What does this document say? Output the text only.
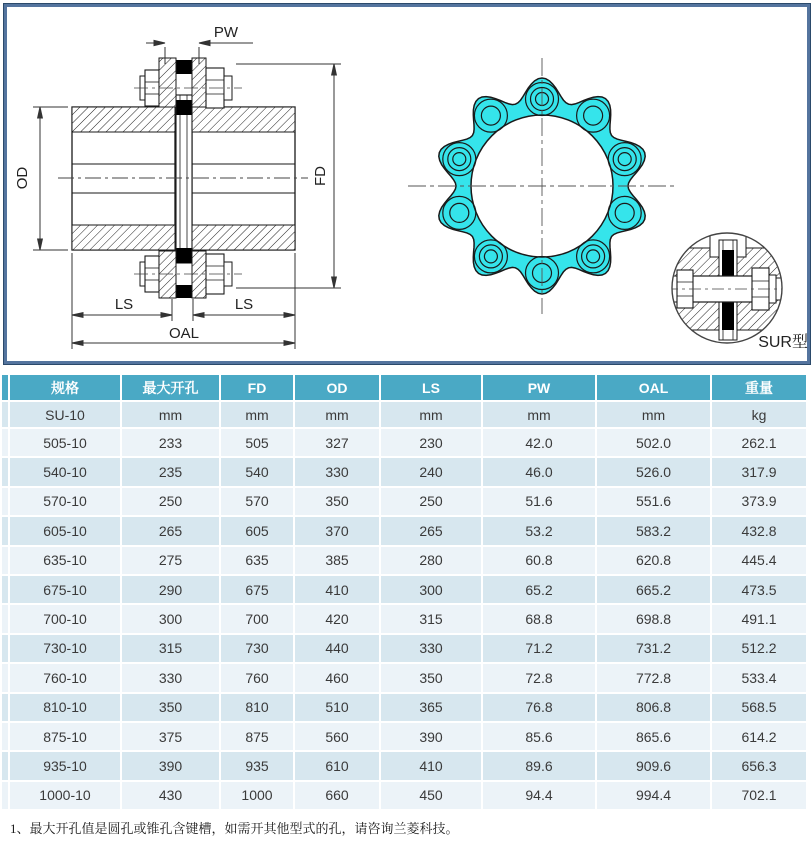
PW
OD	FD
LS	LS
OAL
SUR型
规格	最大开孔	FD	OD	LS	PW	OAL	重量
SU-10	mm	mm	mm	mm	mm	mm	kg
505-10	233	505	327	230	42.0	502.0	262.1
540-10	235	540	330	240	46.0	526.0	317.9
570-10	250	570	350	250	51.6	551.6	373.9
605-10	265	605	370	265	53.2	583.2	432.8
635-10	275	635	385	280	60.8	620.8	445.4
675-10	290	675	410	300	65.2	665.2	473.5
700-10	300	700	420	315	68.8	698.8	491.1
730-10	315	730	440	330	71.2	731.2	512.2
760-10	330	760	460	350	72.8	772.8	533.4
810-10	350	810	510	365	76.8	806.8	568.5
875-10	375	875	560	390	85.6	865.6	614.2
935-10	390	935	610	410	89.6	909.6	656.3
1000-10	430	1000	660	450	94.4	994.4	702.1
1、最大开孔值是圆孔或锥孔含键槽，如需开其他型式的孔，请咨询兰菱科技。
